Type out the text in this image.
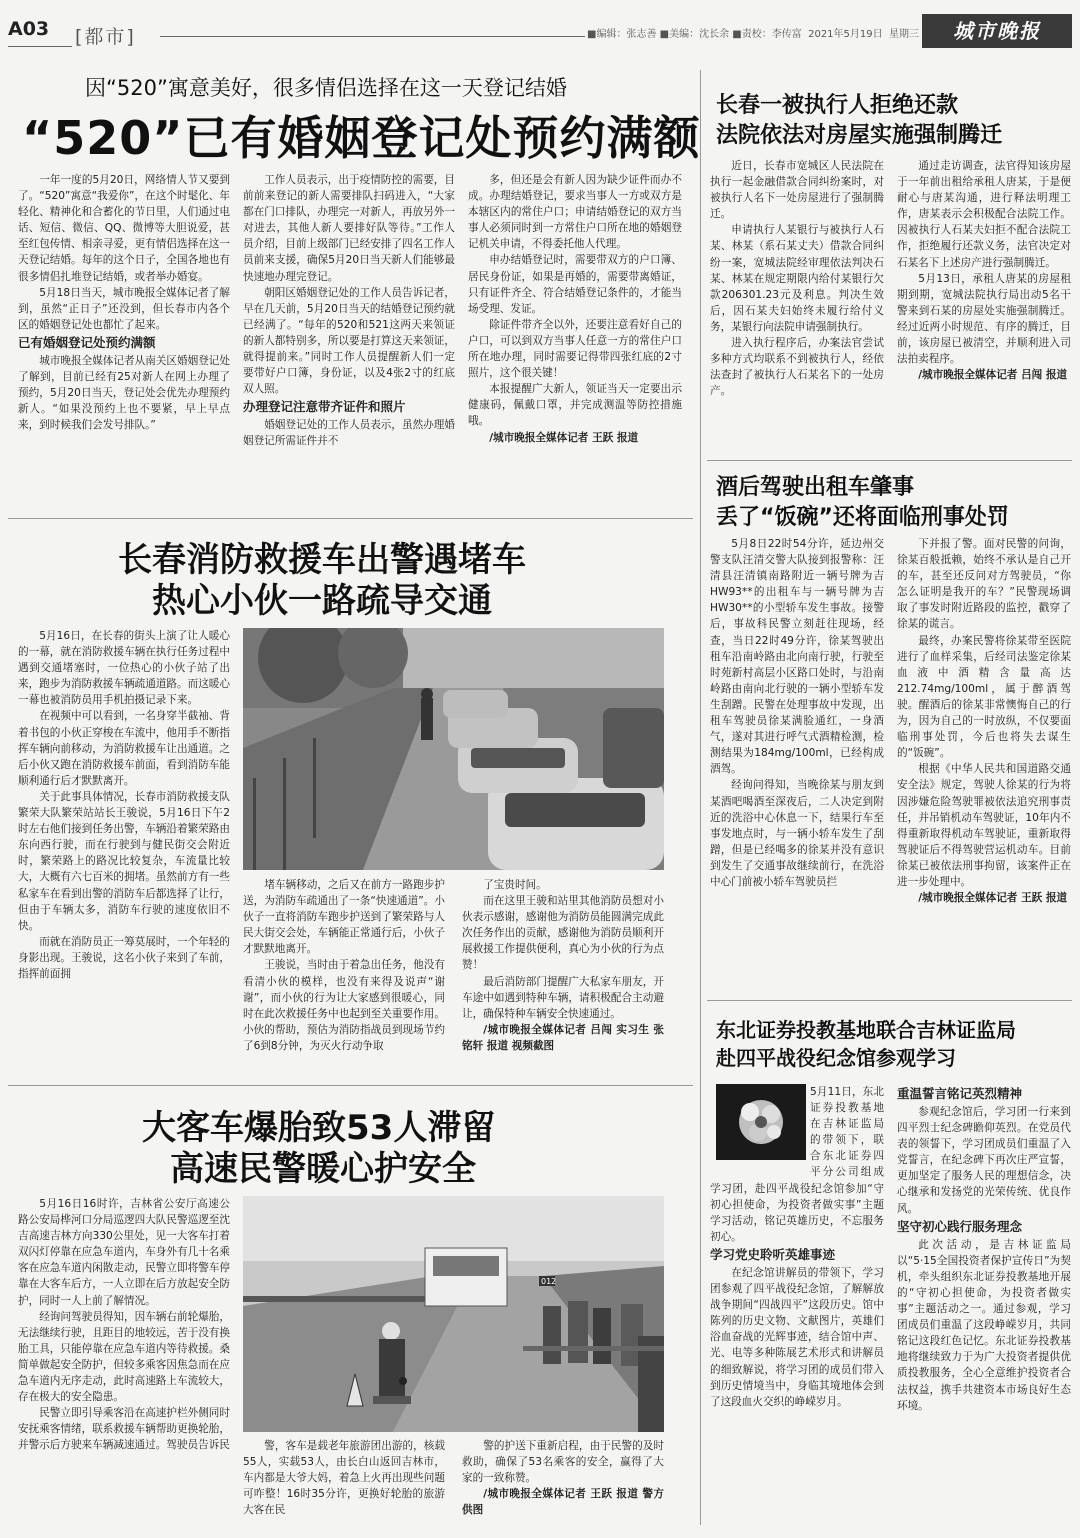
A03 [都市]	■编辑：张志善 ■美编：沈长余 ■责校：李传富 2021年5月19日 星期三	城市晚报
因“520”寓意美好，很多情侣选择在这一天登记结婚
“520”已有婚姻登记处预约满额

一年一度的5月20日，网络情人节又要到了。“520”寓意“我爱你”，在这个时髦化、年轻化、精神化和合蓄化的节日里，人们通过电话、短信、微信、QQ、微博等大胆说爱，甚至红包传情、相亲寻爱，更有情侣选择在这一天登记结婚。每年的这个日子，全国各地也有很多情侣扎堆登记结婚，或者举办婚宴。

5月18日当天，城市晚报全媒体记者了解到，虽然“正日子”还没到，但长春市内各个区的婚姻登记处也都忙了起来。

已有婚姻登记处预约满额

城市晚报全媒体记者从南关区婚姻登记处了解到，目前已经有25对新人在网上办理了预约，5月20日当天，登记处会优先办理预约新人。“如果没预约上也不要紧，早上早点来，到时候我们会发号排队。”

工作人员表示，出于疫情防控的需要，目前前来登记的新人需要排队扫码进入，“大家都在门口排队，办理完一对新人，再放另外一对进去，其他人新人要排好队等待。”工作人员介绍，目前上级部门已经安排了四名工作人员前来支援，确保5月20日当天新人们能够最快速地办理完登记。

朝阳区婚姻登记处的工作人员告诉记者，早在几天前，5月20日当天的结婚登记预约就已经满了。“每年的520和521这两天来领证的新人都特别多，所以要是打算这天来领证，就得提前来。”同时工作人员提醒新人们一定要带好户口簿，身份证，以及4张2寸的红底双人照。

办理登记注意带齐证件和照片

婚姻登记处的工作人员表示，虽然办理婚姻登记所需证件并不

多，但还是会有新人因为缺少证件而办不成。办理结婚登记，要求当事人一方或双方是本辖区内的常住户口；申请结婚登记的双方当事人必须同时到一方常住户口所在地的婚姻登记机关申请，不得委托他人代理。

申办结婚登记时，需要带双方的户口簿、居民身份证，如果是再婚的，需要带离婚证，只有证件齐全、符合结婚登记条件的，才能当场受理、发证。

除证件带齐全以外，还要注意看好自己的户口，可以到双方当事人任意一方的常住户口所在地办理，同时需要记得带四张红底的2寸照片，这个很关键！

本报提醒广大新人，领证当天一定要出示健康码，佩戴口罩，并完成测温等防控措施哦。

/城市晚报全媒体记者 王跃 报道

长春一被执行人拒绝还款
法院依法对房屋实施强制腾迁

近日，长春市宽城区人民法院在执行一起金融借款合同纠纷案时，对被执行人名下一处房屋进行了强制腾迁。

申请执行人某银行与被执行人石某、林某（系石某丈夫）借款合同纠纷一案，宽城法院经审理依法判决石某、林某在规定期限内给付某银行欠款206301.23元及利息。判决生效后，因石某夫妇始终未履行给付义务，某银行向法院申请强制执行。

进入执行程序后，办案法官尝试多种方式均联系不到被执行人，经依法查封了被执行人石某名下的一处房产。

通过走访调查，法官得知该房屋于一年前出租给承租人唐某，于是便耐心与唐某沟通，进行释法明理工作，唐某表示会积极配合法院工作。因被执行人石某夫妇拒不配合法院工作，拒绝履行还款义务，法官决定对石某名下上述房产进行强制腾迁。

5月13日，承租人唐某的房屋租期到期，宽城法院执行局出动5名干警来到石某的房屋处实施强制腾迁。经过近两小时规范、有序的腾迁，目前，该房屋已被清空，并顺利进入司法拍卖程序。

/城市晚报全媒体记者 吕闯 报道

长春消防救援车出警遇堵车
热心小伙一路疏导交通

5月16日，在长春的街头上演了让人暖心的一幕，就在消防救援车辆在执行任务过程中遇到交通堵塞时，一位热心的小伙子站了出来，跑步为消防救援车辆疏通道路。而这暖心一幕也被消防员用手机拍摄记录下来。

在视频中可以看到，一名身穿半截袖、背着书包的小伙正穿梭在车流中，他用手不断指挥车辆向前移动，为消防救援车让出通道。之后小伙又跑在消防救援车前面，看到消防车能顺利通行后才默默离开。

关于此事具体情况，长春市消防救援支队繁荣大队繁荣站站长王骏说，5月16日下午2时左右他们接到任务出警，车辆沿着繁荣路由东向西行驶，而在行驶到与健民街交会附近时，繁荣路上的路况比较复杂，车流量比较大，大概有六七百米的拥堵。虽然前方有一些私家车在看到出警的消防车后都选择了让行，但由于车辆太多，消防车行驶的速度依旧不快。

而就在消防员正一筹莫展时，一个年轻的身影出现。王骏说，这名小伙子来到了车前，指挥前面拥

堵车辆移动，之后又在前方一路跑步护送，为消防车疏通出了一条“快速通道”。小伙子一直将消防车跑步护送到了繁荣路与人民大街交会处，车辆能正常通行后，小伙子才默默地离开。

王骏说，当时由于着急出任务，他没有看清小伙的模样，也没有来得及说声“谢谢”，而小伙的行为让大家感到很暖心，同时在此次救援任务中也起到至关重要作用。小伙的帮助，预估为消防指战员到现场节约了6到8分钟，为灭火行动争取

了宝贵时间。

而在这里王骏和站里其他消防员想对小伙表示感谢，感谢他为消防员能圆满完成此次任务作出的贡献，感谢他为消防员顺利开展救援工作提供便利，真心为小伙的行为点赞！

最后消防部门提醒广大私家车朋友，开车途中如遇到特种车辆，请积极配合主动避让，确保特种车辆安全快速通过。

/城市晚报全媒体记者 吕闯 实习生 张铭轩 报道 视频截图

酒后驾驶出租车肇事
丢了“饭碗”还将面临刑事处罚

5月8日22时54分许，延边州交警支队汪清交警大队接到报警称：汪清县汪清镇南路附近一辆号牌为吉HW93**的出租车与一辆号牌为吉HW30**的小型轿车发生事故。接警后，事故科民警立刻赶往现场，经查，当日22时49分许，徐某驾驶出租车沿南岭路由北向南行驶，行驶至时苑新村高层小区路口处时，与沿南岭路由南向北行驶的一辆小型轿车发生刮蹭。民警在处理事故中发现，出租车驾驶员徐某满脸通红，一身酒气，遂对其进行呼气式酒精检测，检测结果为184mg/100ml，已经构成酒驾。

经询问得知，当晚徐某与朋友到某酒吧喝酒至深夜后，二人决定到附近的洗浴中心休息一下，结果行车至事发地点时，与一辆小轿车发生了刮蹭，但是已经喝多的徐某并没有意识到发生了交通事故继续前行，在洗浴中心门前被小轿车驾驶员拦

下并报了警。面对民警的问询，徐某百般抵赖，始终不承认是自己开的车，甚至还反问对方驾驶员，“你怎么证明是我开的车？”民警现场调取了事发时附近路段的监控，戳穿了徐某的谎言。

最终，办案民警将徐某带至医院进行了血样采集，后经司法鉴定徐某血液中酒精含量高达212.74mg/100ml，属于醉酒驾驶。醒酒后的徐某非常懊悔自己的行为，因为自己的一时放纵，不仅要面临刑事处罚，今后也将失去谋生的“饭碗”。

根据《中华人民共和国道路交通安全法》规定，驾驶人徐某的行为将因涉嫌危险驾驶罪被依法追究刑事责任，并吊销机动车驾驶证，10年内不得重新取得机动车驾驶证，重新取得驾驶证后不得驾驶营运机动车。目前徐某已被依法刑事拘留，该案件正在进一步处理中。

/城市晚报全媒体记者 王跃 报道

大客车爆胎致53人滞留
高速民警暖心护安全

5月16日16时许，吉林省公安厅高速公路公安局桦河口分局巡逻四大队民警巡逻至沈吉高速吉林方向330公里处，见一大客车打着双闪灯停靠在应急车道内，车身外有几十名乘客在应急车道内闲散走动，民警立即将警车停靠在大客车后方，一人立即在后方放起安全防护，同时一人上前了解情况。

经询问驾驶员得知，因车辆右前轮爆胎，无法继续行驶，且距目的地较远，苦于没有换胎工具，只能停靠在应急车道内等待救援。桑简单做起安全防护，但较多乘客因焦急而在应急车道内无序走动，此时高速路上车流较大，存在极大的安全隐患。

民警立即引导乘客沿在高速护栏外侧同时安抚乘客情绪，联系救援车辆帮助更换轮胎，并警示后方驶来车辆减速通过。驾驶员告诉民

012

警，客车是载老年旅游团出游的，核载55人，实载53人，由长白山返回吉林市，车内都是大爷大妈，着急上火再出现些问题可咋整！16时35分许，更换好轮胎的旅游大客在民

警的护送下重新启程，由于民警的及时救助，确保了53名乘客的安全，赢得了大家的一致称赞。

/城市晚报全媒体记者 王跃 报道 警方供图

东北证券投教基地联合吉林证监局
赴四平战役纪念馆参观学习

5月11日，东北证券投教基地在吉林证监局的带领下，联合东北证券四平分公司组成学习团，赴四平战役纪念馆参加“守初心担使命，为投资者做实事”主题学习活动，铭记英雄历史，不忘服务初心。

学习党史聆听英雄事迹

在纪念馆讲解员的带领下，学习团参观了四平战役纪念馆，了解解放战争期间“四战四平”这段历史。馆中陈列的历史文物、文献图片，英雄们浴血奋战的光辉事迹，结合馆中声、光、电等多种陈展艺术形式和讲解员的细致解说，将学习团的成员们带入到历史情境当中，身临其境地体会到了这段血火交织的峥嵘岁月。

重温誓言铭记英烈精神

参观纪念馆后，学习团一行来到四平烈士纪念碑瞻仰英烈。在党员代表的领誓下，学习团成员们重温了入党誓言，在纪念碑下再次庄严宣誓，更加坚定了服务人民的理想信念，决心继承和发扬党的光荣传统、优良作风。

坚守初心践行服务理念

此次活动，是吉林证监局以“5·15全国投资者保护宣传日”为契机，牵头组织东北证券投教基地开展的“守初心担使命，为投资者做实事”主题活动之一。通过参观，学习团成员们重温了这段峥嵘岁月，共同铭记这段红色记忆。东北证券投教基地将继续致力于为广大投资者提供优质投教服务，全心全意维护投资者合法权益，携手共建资本市场良好生态环境。
